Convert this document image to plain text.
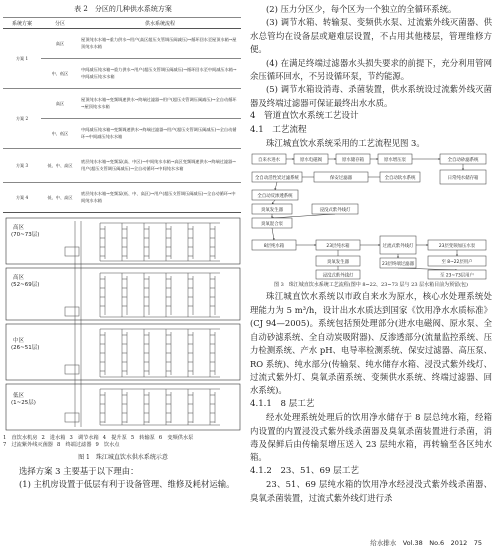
表 2　分区的几种供水系统方案
系统方案	分区	供水系统流程
方案 1	高区	屋顶纯水水箱→重力供水→用户(高区超压支管调压阀减压)→循环回水至屋顶水箱→屋顶纯水水箱
	中、低区	中间减压纯水箱→重力供水→用户(超压支管调压阀减压)→循环回水至中间减压水箱→中间减压纯水水箱
方案 2	高区	屋顶纯水水箱→变频调速供水→终端过滤器→用户(超压支管调压阀减压)→全自动循环→屋顶纯水水箱
	中、低区	中间减压纯水箱→变频调速供水→终端过滤器→用户(超压支管调压阀减压)→全自动循环→中间减压纯水水箱
方案 3	低、中、高区	底层纯水水箱→变频泵(高、中区)→中间纯水水箱→高区变频调速供水→终端过滤器→用户(超压支管调压阀减压)→全自动循环→中间纯水水箱
方案 4	低、中、高区	底层纯水水箱→变频泵(低、中、高区)→用户(超压支管调压阀减压)→全自动循环→中间纯水水箱
高区(70~73层)
高区(52~69层)
中区(26~51层)
低区(1~25层)
1　直饮水机房 2　进水箱 3　调节水箱 4　提升泵 5　转输泵 6　变频供水泵
7　过流紫外线灭菌器 8　终端过滤器 9　饮水点
图 1　珠江城直饮水供水系统示意

选择方案 3 主要基于以下理由：

(1) 主机房设置于低层有利于设备管理、维修及耗材运输。

(2) 压力分区少，每个区为一个独立的全循环系统。

(3) 调节水箱、转输泵、变频供水泵、过流紫外线灭菌器、供水总管均在设备层或避难层设置，不占用其他楼层，管理维修方便。

(4) 在满足终端过滤器水头损失要求的前提下，充分利用管网余压循环回水，不另设循环泵，节约能源。

(5) 调节水箱设消毒、杀菌装置，供水系统设过流紫外线灭菌器及终端过滤器可保证最终出水水质。

4　管道直饮水系统工艺设计
4.1　工艺流程

珠江城直饮水系统采用的工艺流程见图 3。

自来水进水	原水电磁阀	原水储存箱	原水增压泵	全自动砂滤系统
全自动活性炭过滤系统	保安过滤器	全自动软水系统	日常纯水储存箱
全自动反渗透系统
臭氧发生器	浸没式紫外线灯
臭氧混合泵
8层纯水箱	23层纯水箱	过流式紫外线灯	23层变频加压水泵
至 8~22层用户
臭氧发生器
浸没式紫外线灯
23层终端过滤器
至 23~73层用户
图 3　珠江城直饮水系统工艺流程(图中 8~22、23~73 层与 23 层水箱目前为预留(包)

珠江城直饮水系统以市政自来水为原水，核心水处理系统处理能力为 5 m³/h，设计出水水质达到国家《饮用净水水质标准》(CJ 94—2005)。系统包括预处理部分(进水电磁阀、原水泵、全自动砂滤系统、全自动炭吸附器)、反渗透部分(流量监控系统、压力检测系统、产水 pH、电导率检测系统、保安过滤器、高压泵、RO 系统)、纯水部分(传输泵、纯水储存水箱、浸没式紫外线灯、过流式紫外灯、臭氧杀菌系统、变频供水系统、终端过滤器、回水系统)。

4.1.1　8 层工艺

经水处理系统处理后的饮用净水储存于 8 层总纯水箱，经箱内设置的内置浸没式紫外线杀菌器及臭氧杀菌装置进行杀菌，消毒及保鲜后由传输泵增压送入 23 层纯水箱，再转输至各区纯水箱。

4.1.2　23、51、69 层工艺

23、51、69 层纯水箱的饮用净水经浸没式紫外线杀菌器、臭氧杀菌装置，过流式紫外线灯进行杀

给水排水　Vol.38　No.6　2012　75
